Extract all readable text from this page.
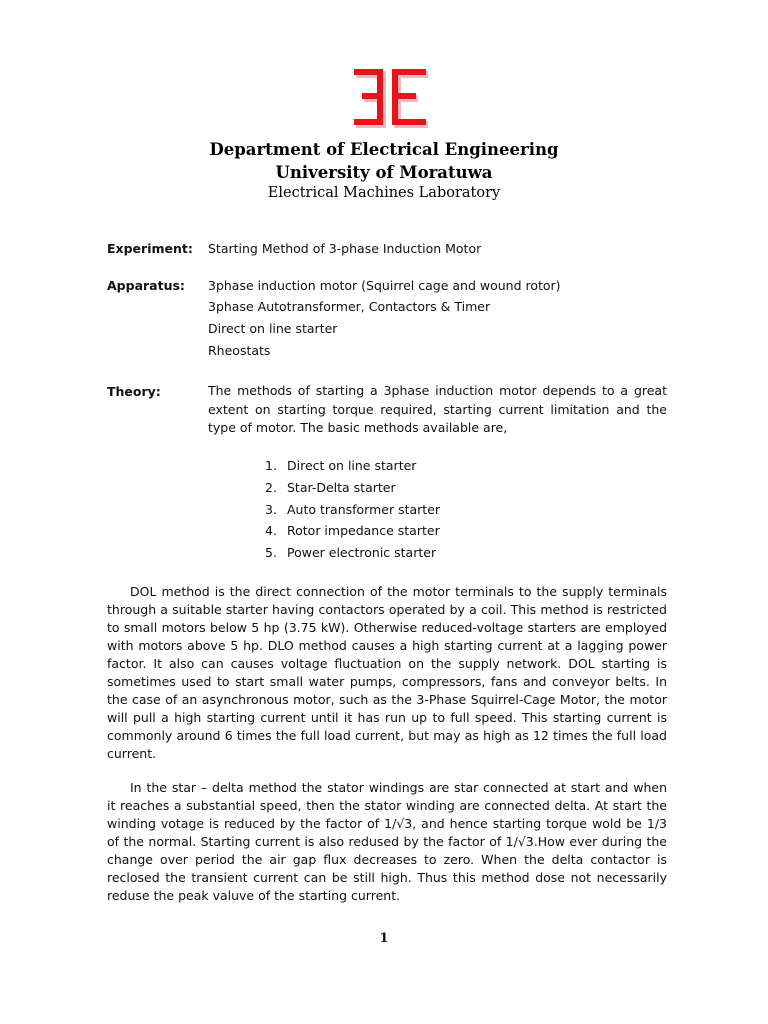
Department of Electrical Engineering
University of Moratuwa
Electrical Machines Laboratory
Experiment: Starting Method of 3-phase Induction Motor
Apparatus: 3phase induction motor (Squirrel cage and wound rotor)
3phase Autotransformer, Contactors & Timer
Direct on line starter
Rheostats
Theory:	The methods of starting a 3phase induction motor depends to a great
extent on starting torque required, starting current limitation and the
type of motor. The basic methods available are,
1. Direct on line starter
2. Star-Delta starter
3. Auto transformer starter
4. Rotor impedance starter
5. Power electronic starter
DOL method is the direct connection of the motor terminals to the supply terminals
through a suitable starter having contactors operated by a coil. This method is restricted
to small motors below 5 hp (3.75 kW). Otherwise reduced-voltage starters are employed
with motors above 5 hp. DLO method causes a high starting current at a lagging power
factor. It also can causes voltage fluctuation on the supply network. DOL starting is
sometimes used to start small water pumps, compressors, fans and conveyor belts. In
the case of an asynchronous motor, such as the 3-Phase Squirrel-Cage Motor, the motor
will pull a high starting current until it has run up to full speed. This starting current is
commonly around 6 times the full load current, but may as high as 12 times the full load
current.
In the star – delta method the stator windings are star connected at start and when
it reaches a substantial speed, then the stator winding are connected delta. At start the
winding votage is reduced by the factor of 1/√3, and hence starting torque wold be 1/3
of the normal. Starting current is also redused by the factor of 1/√3.How ever during the
change over period the air gap flux decreases to zero. When the delta contactor is
reclosed the transient current can be still high. Thus this method dose not necessarily
reduse the peak valuve of the starting current.
1
